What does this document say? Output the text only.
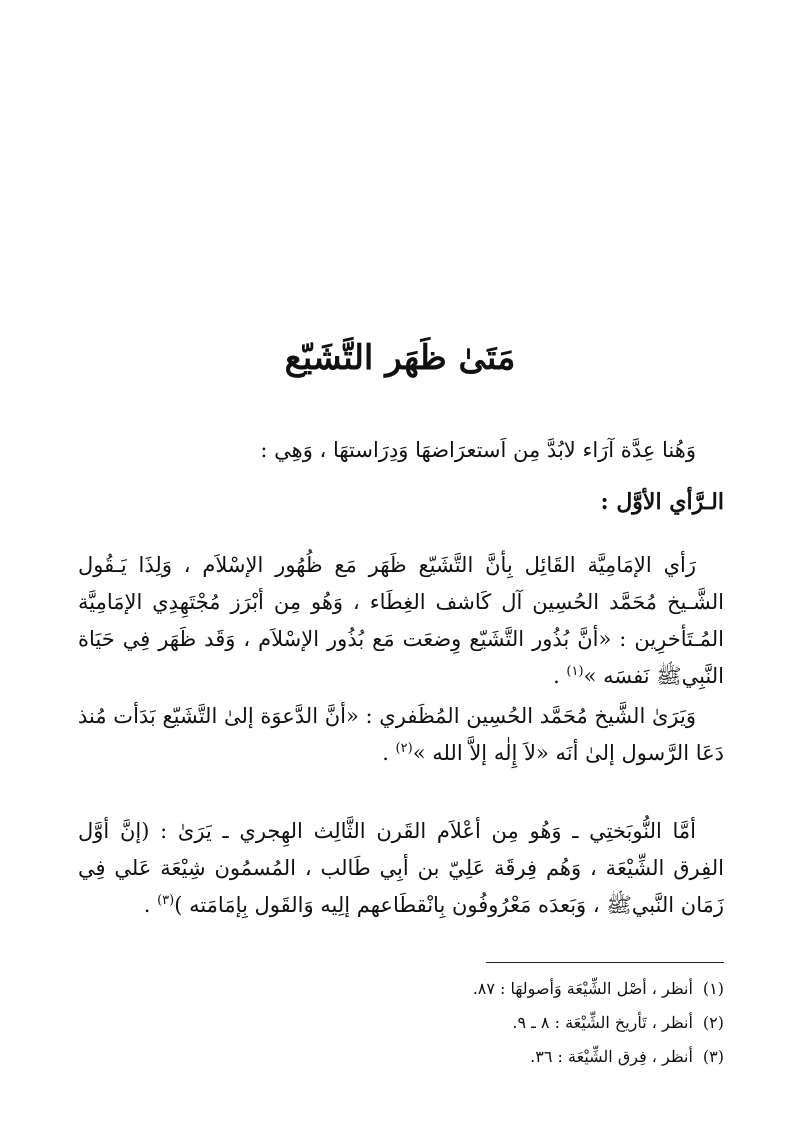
مَتَىٰ ظَهَر التَّشَيّع

وَهُنا عِدَّة آرَاء لابُدَّ مِن اَستعرَاضهَا وَدِرَاستهَا ، وَهِي :

الـرَّأي الأوَّل :

رَأي الإمَامِيَّة القَائِل بِأنَّ التَّشَيّع ظَهَر مَع ظُهُور الإسْلاَم ، وَلِذَا يَـقُول الشَّـيخ مُحَمَّد الحُسِين آل كَاشف الغِطَاء ، وَهُو مِن أبْرَز مُجْتَهِدِي الإمَامِيَّة المُـتَأخرِين : «أنَّ بُذُور التَّشَيّع وِضعَت مَع بُذُور الإسْلاَم ، وَقَد ظَهَر فِي حَيَاة النَّبِيﷺ نَفسَه »$^{(١)}$ .

وَيَرَىٰ الشَّيخ مُحَمَّد الحُسِين المُظَفري : «أنَّ الدَّعوَة إلىٰ التَّشَيّع بَدَأت مُنذ دَعَا الرَّسول إلىٰ أنَه «لاَ إِلٰه إلاَّ الله »$^{(٢)}$ .

أمَّا النُّوبَختِي ـ وَهُو مِن أعْلاَم القَرن الثَّالِث الهِجري ـ يَرَىٰ : (إنَّ أوَّل الفِرق الشِّيْعَة ، وَهُم فِرقَة عَلِيّ بن أبِي طَالب ، المُسمُون شِيْعَة عَلي فِي زَمَان النَّبيﷺ ، وَبَعدَه مَعْرُوفُون بِانْقطَاعهم إلِيه وَالقَول بِإمَامَته )$^{(٣)}$ .

(١)أنظر ، أصْل الشِّيْعَة وَأصولهَا : ٨٧.
(٢)أنظر ، تَأريخ الشِّيْعَة : ٨ ـ ٩.
(٣)أنظر ، فِرق الشِّيْعَة : ٣٦.
